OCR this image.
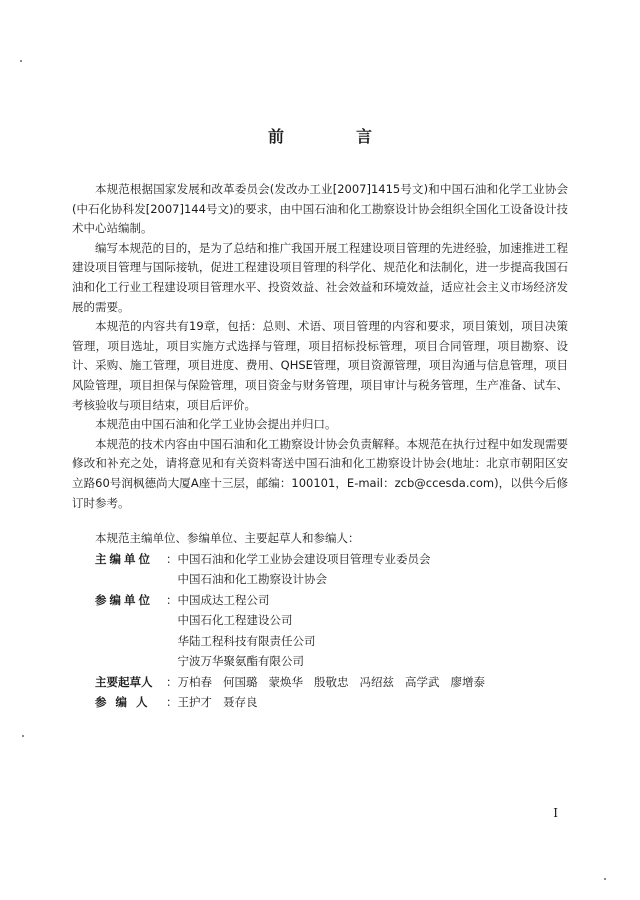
前　言

本规范根据国家发展和改革委员会(发改办工业[2007]1415号文)和中国石油和化学工业协会(中石化协科发[2007]144号文)的要求，由中国石油和化工勘察设计协会组织全国化工设备设计技术中心站编制。

编写本规范的目的，是为了总结和推广我国开展工程建设项目管理的先进经验，加速推进工程建设项目管理与国际接轨，促进工程建设项目管理的科学化、规范化和法制化，进一步提高我国石油和化工行业工程建设项目管理水平、投资效益、社会效益和环境效益，适应社会主义市场经济发展的需要。

本规范的内容共有19章，包括：总则、术语、项目管理的内容和要求，项目策划，项目决策管理，项目选址，项目实施方式选择与管理，项目招标投标管理，项目合同管理，项目勘察、设计、采购、施工管理，项目进度、费用、QHSE管理，项目资源管理，项目沟通与信息管理，项目风险管理，项目担保与保险管理，项目资金与财务管理，项目审计与税务管理，生产准备、试车、考核验收与项目结束，项目后评价。

本规范由中国石油和化学工业协会提出并归口。

本规范的技术内容由中国石油和化工勘察设计协会负责解释。本规范在执行过程中如发现需要修改和补充之处，请将意见和有关资料寄送中国石油和化工勘察设计协会(地址：北京市朝阳区安立路60号润枫德尚大厦A座十三层，邮编：100101，E-mail：zcb@ccesda.com)，以供今后修订时参考。

本规范主编单位、参编单位、主要起草人和参编人：

主编单位	： 中国石油和化学工业协会建设项目管理专业委员会
中国石油和化工勘察设计协会
参编单位	： 中国成达工程公司
中国石化工程建设公司
华陆工程科技有限责任公司
宁波万华聚氨酯有限公司
主要起草人	： 万柏春 何国璐 蒙焕华 殷敬忠 冯绍兹 高学武 廖增泰
参编人 ： 王护才 聂存良
I
